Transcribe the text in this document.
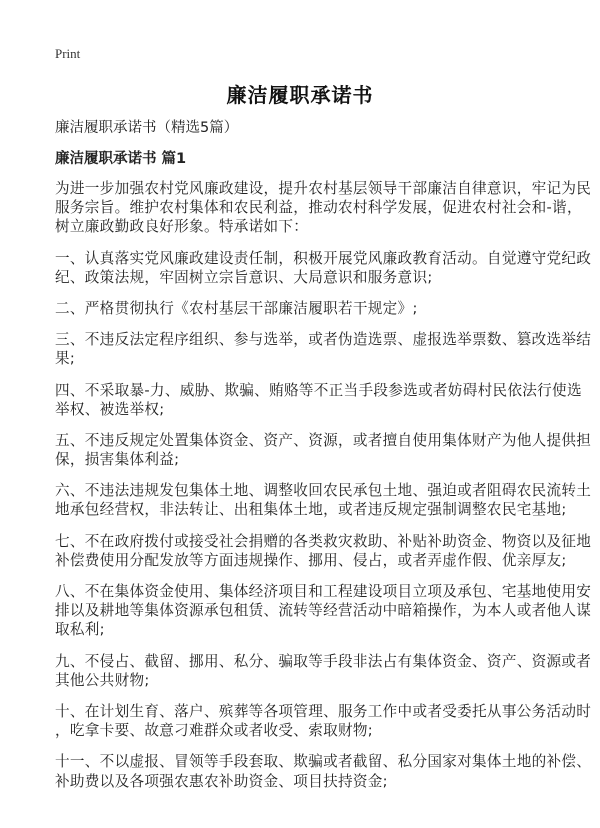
Print
廉洁履职承诺书
廉洁履职承诺书（精选5篇）
廉洁履职承诺书 篇1
为进一步加强农村党风廉政建设，提升农村基层领导干部廉洁自律意识，牢记为民
服务宗旨。维护农村集体和农民利益，推动农村科学发展，促进农村社会和-谐，
树立廉政勤政良好形象。特承诺如下：
一、认真落实党风廉政建设责任制，积极开展党风廉政教育活动。自觉遵守党纪政
纪、政策法规，牢固树立宗旨意识、大局意识和服务意识;
二、严格贯彻执行《农村基层干部廉洁履职若干规定》;
三、不违反法定程序组织、参与选举，或者伪造选票、虚报选举票数、篡改选举结
果;
四、不采取暴-力、威胁、欺骗、贿赂等不正当手段参选或者妨碍村民依法行使选
举权、被选举权;
五、不违反规定处置集体资金、资产、资源，或者擅自使用集体财产为他人提供担
保，损害集体利益;
六、不违法违规发包集体土地、调整收回农民承包土地、强迫或者阻碍农民流转土
地承包经营权，非法转让、出租集体土地，或者违反规定强制调整农民宅基地;
七、不在政府拨付或接受社会捐赠的各类救灾救助、补贴补助资金、物资以及征地
补偿费使用分配发放等方面违规操作、挪用、侵占，或者弄虚作假、优亲厚友;
八、不在集体资金使用、集体经济项目和工程建设项目立项及承包、宅基地使用安
排以及耕地等集体资源承包租赁、流转等经营活动中暗箱操作，为本人或者他人谋
取私利;
九、不侵占、截留、挪用、私分、骗取等手段非法占有集体资金、资产、资源或者
其他公共财物;
十、在计划生育、落户、殡葬等各项管理、服务工作中或者受委托从事公务活动时
，吃拿卡要、故意刁难群众或者收受、索取财物;
十一、不以虚报、冒领等手段套取、欺骗或者截留、私分国家对集体土地的补偿、
补助费以及各项强农惠农补助资金、项目扶持资金;
